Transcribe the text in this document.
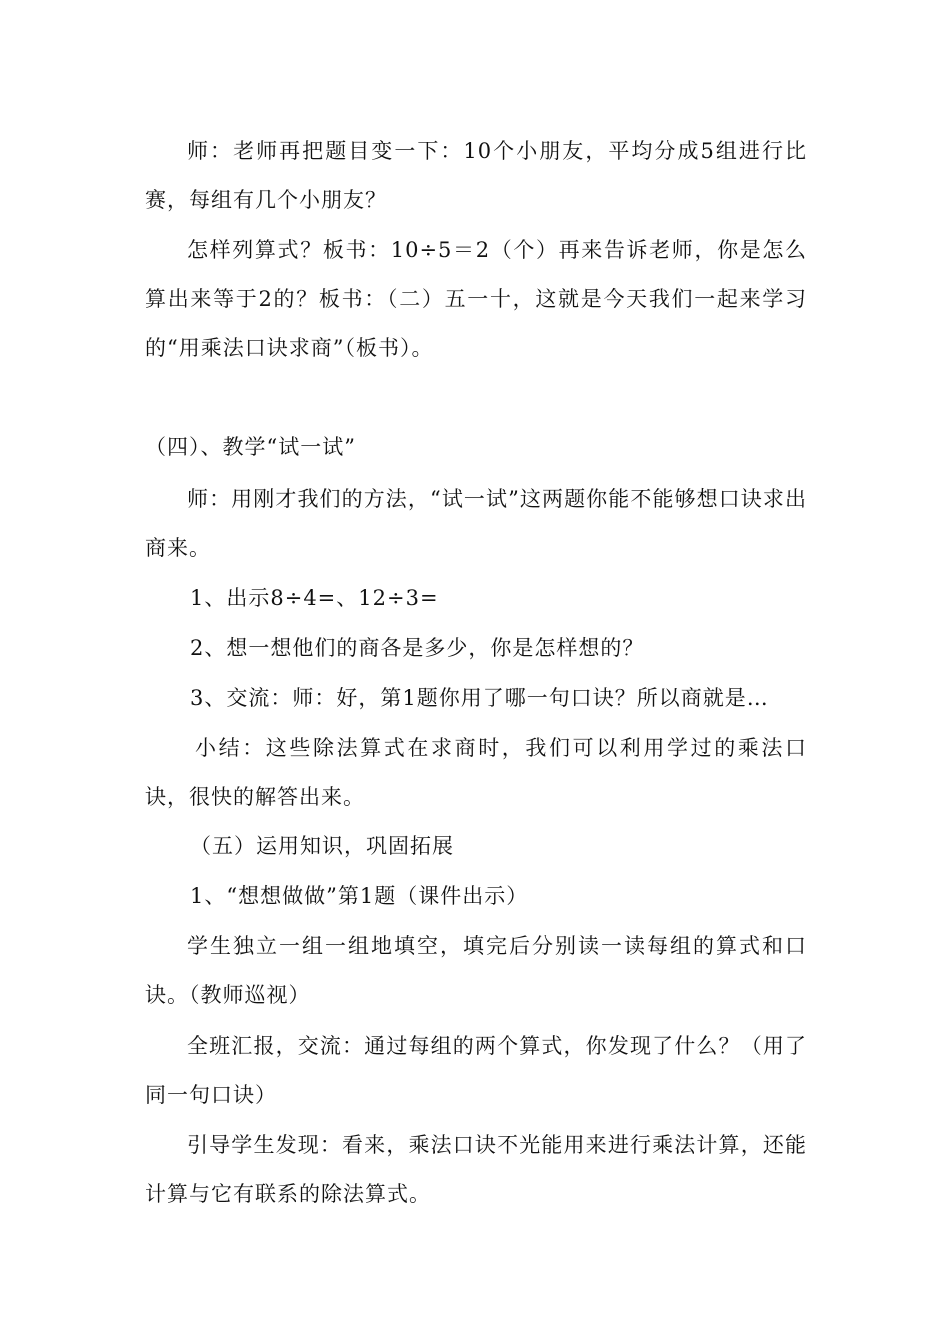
师：老师再把题目变一下：10个小朋友，平均分成5组进行比赛，每组有几个小朋友？

怎样列算式？板书：10÷5＝2（个）再来告诉老师，你是怎么算出来等于2的？板书：（二）五一十，这就是今天我们一起来学习的“用乘法口诀求商”（板书）。

（四）、教学“试一试”

师：用刚才我们的方法，“试一试”这两题你能不能够想口诀求出商来。

1、出示8÷4=、12÷3=

2、想一想他们的商各是多少，你是怎样想的？

3、交流：师：好，第1题你用了哪一句口诀？所以商就是…

小结：这些除法算式在求商时，我们可以利用学过的乘法口诀，很快的解答出来。

（五）运用知识，巩固拓展

1、“想想做做”第1题（课件出示）

学生独立一组一组地填空，填完后分别读一读每组的算式和口诀。（教师巡视）

全班汇报，交流：通过每组的两个算式，你发现了什么？（用了同一句口诀）

引导学生发现：看来，乘法口诀不光能用来进行乘法计算，还能计算与它有联系的除法算式。
